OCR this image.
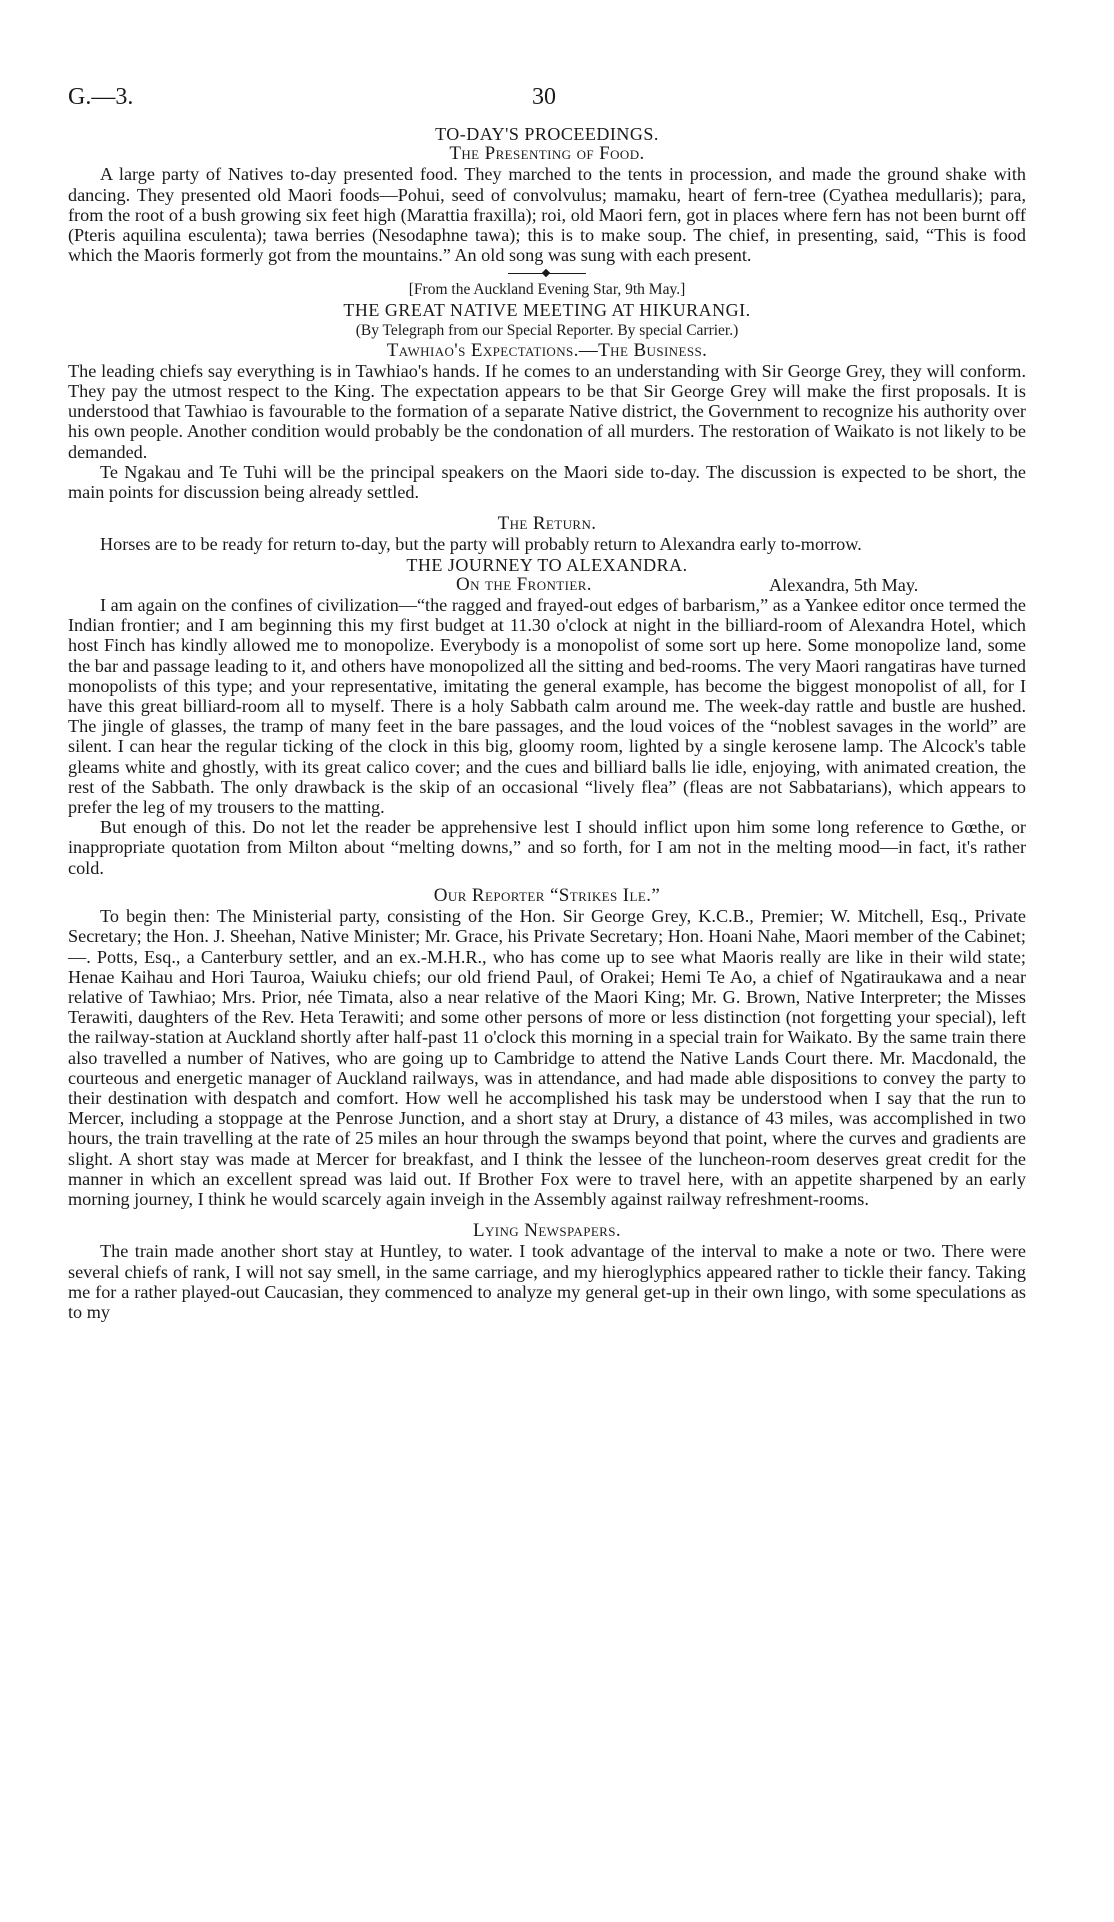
G.—3.	30
TO-DAY'S PROCEEDINGS.
The Presenting of Food.

A large party of Natives to-day presented food. They marched to the tents in procession, and made the ground shake with dancing. They presented old Maori foods—Pohui, seed of convolvulus; mamaku, heart of fern-tree (Cyathea medullaris); para, from the root of a bush growing six feet high (Marattia fraxilla); roi, old Maori fern, got in places where fern has not been burnt off (Pteris aquilina esculenta); tawa berries (Nesodaphne tawa); this is to make soup. The chief, in presenting, said, “This is food which the Maoris formerly got from the mountains.” An old song was sung with each present.

[From the Auckland Evening Star, 9th May.]
THE GREAT NATIVE MEETING AT HIKURANGI.
(By Telegraph from our Special Reporter. By special Carrier.)
Tawhiao's Expectations.—The Business.

The leading chiefs say everything is in Tawhiao's hands. If he comes to an understanding with Sir George Grey, they will conform. They pay the utmost respect to the King. The expectation appears to be that Sir George Grey will make the first proposals. It is understood that Tawhiao is favourable to the formation of a separate Native district, the Government to recognize his authority over his own people. Another condition would probably be the condonation of all murders. The restoration of Waikato is not likely to be demanded.

Te Ngakau and Te Tuhi will be the principal speakers on the Maori side to-day. The discussion is expected to be short, the main points for discussion being already settled.

The Return.

Horses are to be ready for return to-day, but the party will probably return to Alexandra early to-morrow.

THE JOURNEY TO ALEXANDRA.
On the Frontier.	Alexandra, 5th May.

I am again on the confines of civilization—“the ragged and frayed-out edges of barbarism,” as a Yankee editor once termed the Indian frontier; and I am beginning this my first budget at 11.30 o'clock at night in the billiard-room of Alexandra Hotel, which host Finch has kindly allowed me to monopolize. Everybody is a monopolist of some sort up here. Some monopolize land, some the bar and passage leading to it, and others have monopolized all the sitting and bed-rooms. The very Maori rangatiras have turned monopolists of this type; and your representative, imitating the general example, has become the biggest monopolist of all, for I have this great billiard-room all to myself. There is a holy Sabbath calm around me. The week-day rattle and bustle are hushed. The jingle of glasses, the tramp of many feet in the bare passages, and the loud voices of the “noblest savages in the world” are silent. I can hear the regular ticking of the clock in this big, gloomy room, lighted by a single kerosene lamp. The Alcock's table gleams white and ghostly, with its great calico cover; and the cues and billiard balls lie idle, enjoying, with animated creation, the rest of the Sabbath. The only drawback is the skip of an occasional “lively flea” (fleas are not Sabbatarians), which appears to prefer the leg of my trousers to the matting.

But enough of this. Do not let the reader be apprehensive lest I should inflict upon him some long reference to Gœthe, or inappropriate quotation from Milton about “melting downs,” and so forth, for I am not in the melting mood—in fact, it's rather cold.

Our Reporter “Strikes Ile.”

To begin then: The Ministerial party, consisting of the Hon. Sir George Grey, K.C.B., Premier; W. Mitchell, Esq., Private Secretary; the Hon. J. Sheehan, Native Minister; Mr. Grace, his Private Secretary; Hon. Hoani Nahe, Maori member of the Cabinet; —. Potts, Esq., a Canterbury settler, and an ex.-M.H.R., who has come up to see what Maoris really are like in their wild state; Henae Kaihau and Hori Tauroa, Waiuku chiefs; our old friend Paul, of Orakei; Hemi Te Ao, a chief of Ngatiraukawa and a near relative of Tawhiao; Mrs. Prior, née Timata, also a near relative of the Maori King; Mr. G. Brown, Native Interpreter; the Misses Terawiti, daughters of the Rev. Heta Terawiti; and some other persons of more or less distinction (not forgetting your special), left the railway-station at Auckland shortly after half-past 11 o'clock this morning in a special train for Waikato. By the same train there also travelled a number of Natives, who are going up to Cambridge to attend the Native Lands Court there. Mr. Macdonald, the courteous and energetic manager of Auckland railways, was in attendance, and had made able dispositions to convey the party to their destination with despatch and comfort. How well he accomplished his task may be understood when I say that the run to Mercer, including a stoppage at the Penrose Junction, and a short stay at Drury, a distance of 43 miles, was accomplished in two hours, the train travelling at the rate of 25 miles an hour through the swamps beyond that point, where the curves and gradients are slight. A short stay was made at Mercer for breakfast, and I think the lessee of the luncheon-room deserves great credit for the manner in which an excellent spread was laid out. If Brother Fox were to travel here, with an appetite sharpened by an early morning journey, I think he would scarcely again inveigh in the Assembly against railway refreshment-rooms.

Lying Newspapers.

The train made another short stay at Huntley, to water. I took advantage of the interval to make a note or two. There were several chiefs of rank, I will not say smell, in the same carriage, and my hieroglyphics appeared rather to tickle their fancy. Taking me for a rather played-out Caucasian, they commenced to analyze my general get-up in their own lingo, with some speculations as to my
